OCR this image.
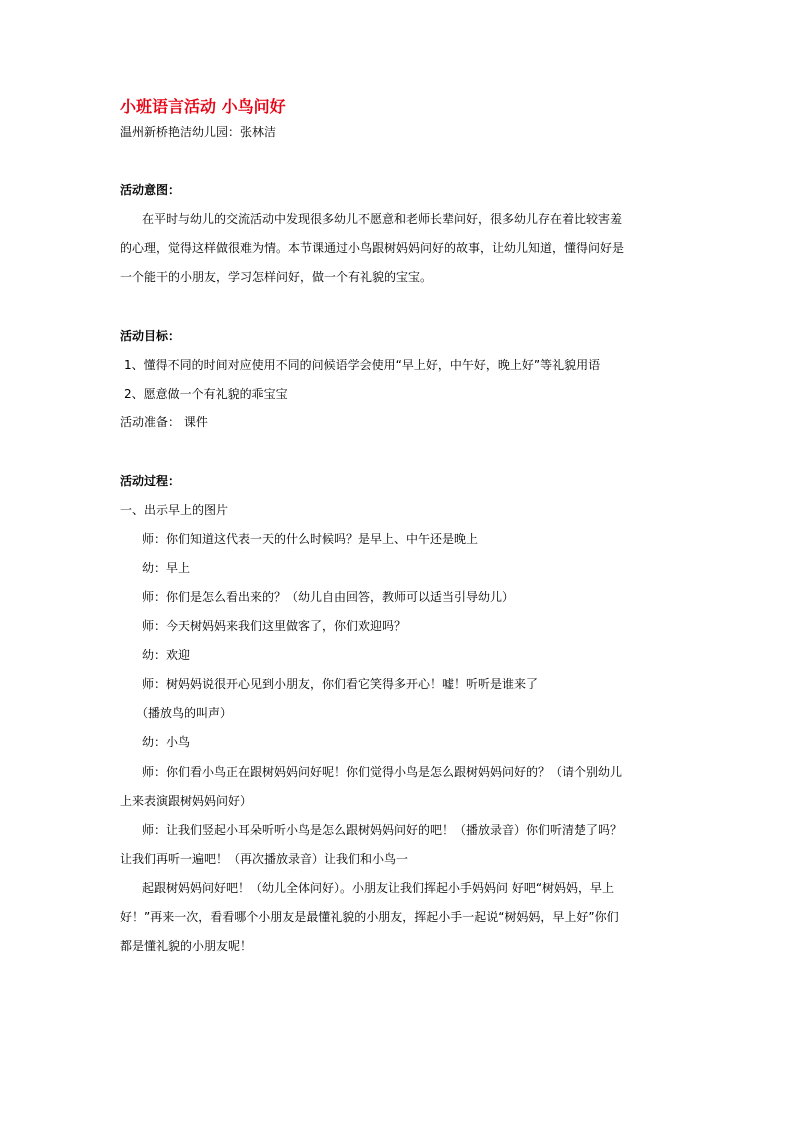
小班语言活动 小鸟问好
温州新桥艳洁幼儿园：张林洁
活动意图：
在平时与幼儿的交流活动中发现很多幼儿不愿意和老师长辈问好，很多幼儿存在着比较害羞
的心理，觉得这样做很难为情。本节课通过小鸟跟树妈妈问好的故事，让幼儿知道，懂得问好是
一个能干的小朋友，学习怎样问好，做一个有礼貌的宝宝。
活动目标：
1、懂得不同的时间对应使用不同的问候语学会使用“早上好，中午好，晚上好”等礼貌用语
2、愿意做一个有礼貌的乖宝宝
活动准备： 课件
活动过程：
一、出示早上的图片
师：你们知道这代表一天的什么时候吗？是早上、中午还是晚上
幼：早上
师：你们是怎么看出来的？（幼儿自由回答，教师可以适当引导幼儿）
师：今天树妈妈来我们这里做客了，你们欢迎吗？
幼：欢迎
师：树妈妈说很开心见到小朋友，你们看它笑得多开心！嘘！听听是谁来了
（播放鸟的叫声）
幼：小鸟
师：你们看小鸟正在跟树妈妈问好呢！你们觉得小鸟是怎么跟树妈妈问好的？（请个别幼儿
上来表演跟树妈妈问好）
师：让我们竖起小耳朵听听小鸟是怎么跟树妈妈问好的吧！（播放录音）你们听清楚了吗？
让我们再听一遍吧！（再次播放录音）让我们和小鸟一
起跟树妈妈问好吧！（幼儿全体问好）。小朋友让我们挥起小手妈妈问 好吧“树妈妈，早上
好！”再来一次，看看哪个小朋友是最懂礼貌的小朋友，挥起小手一起说“树妈妈，早上好”你们
都是懂礼貌的小朋友呢！
